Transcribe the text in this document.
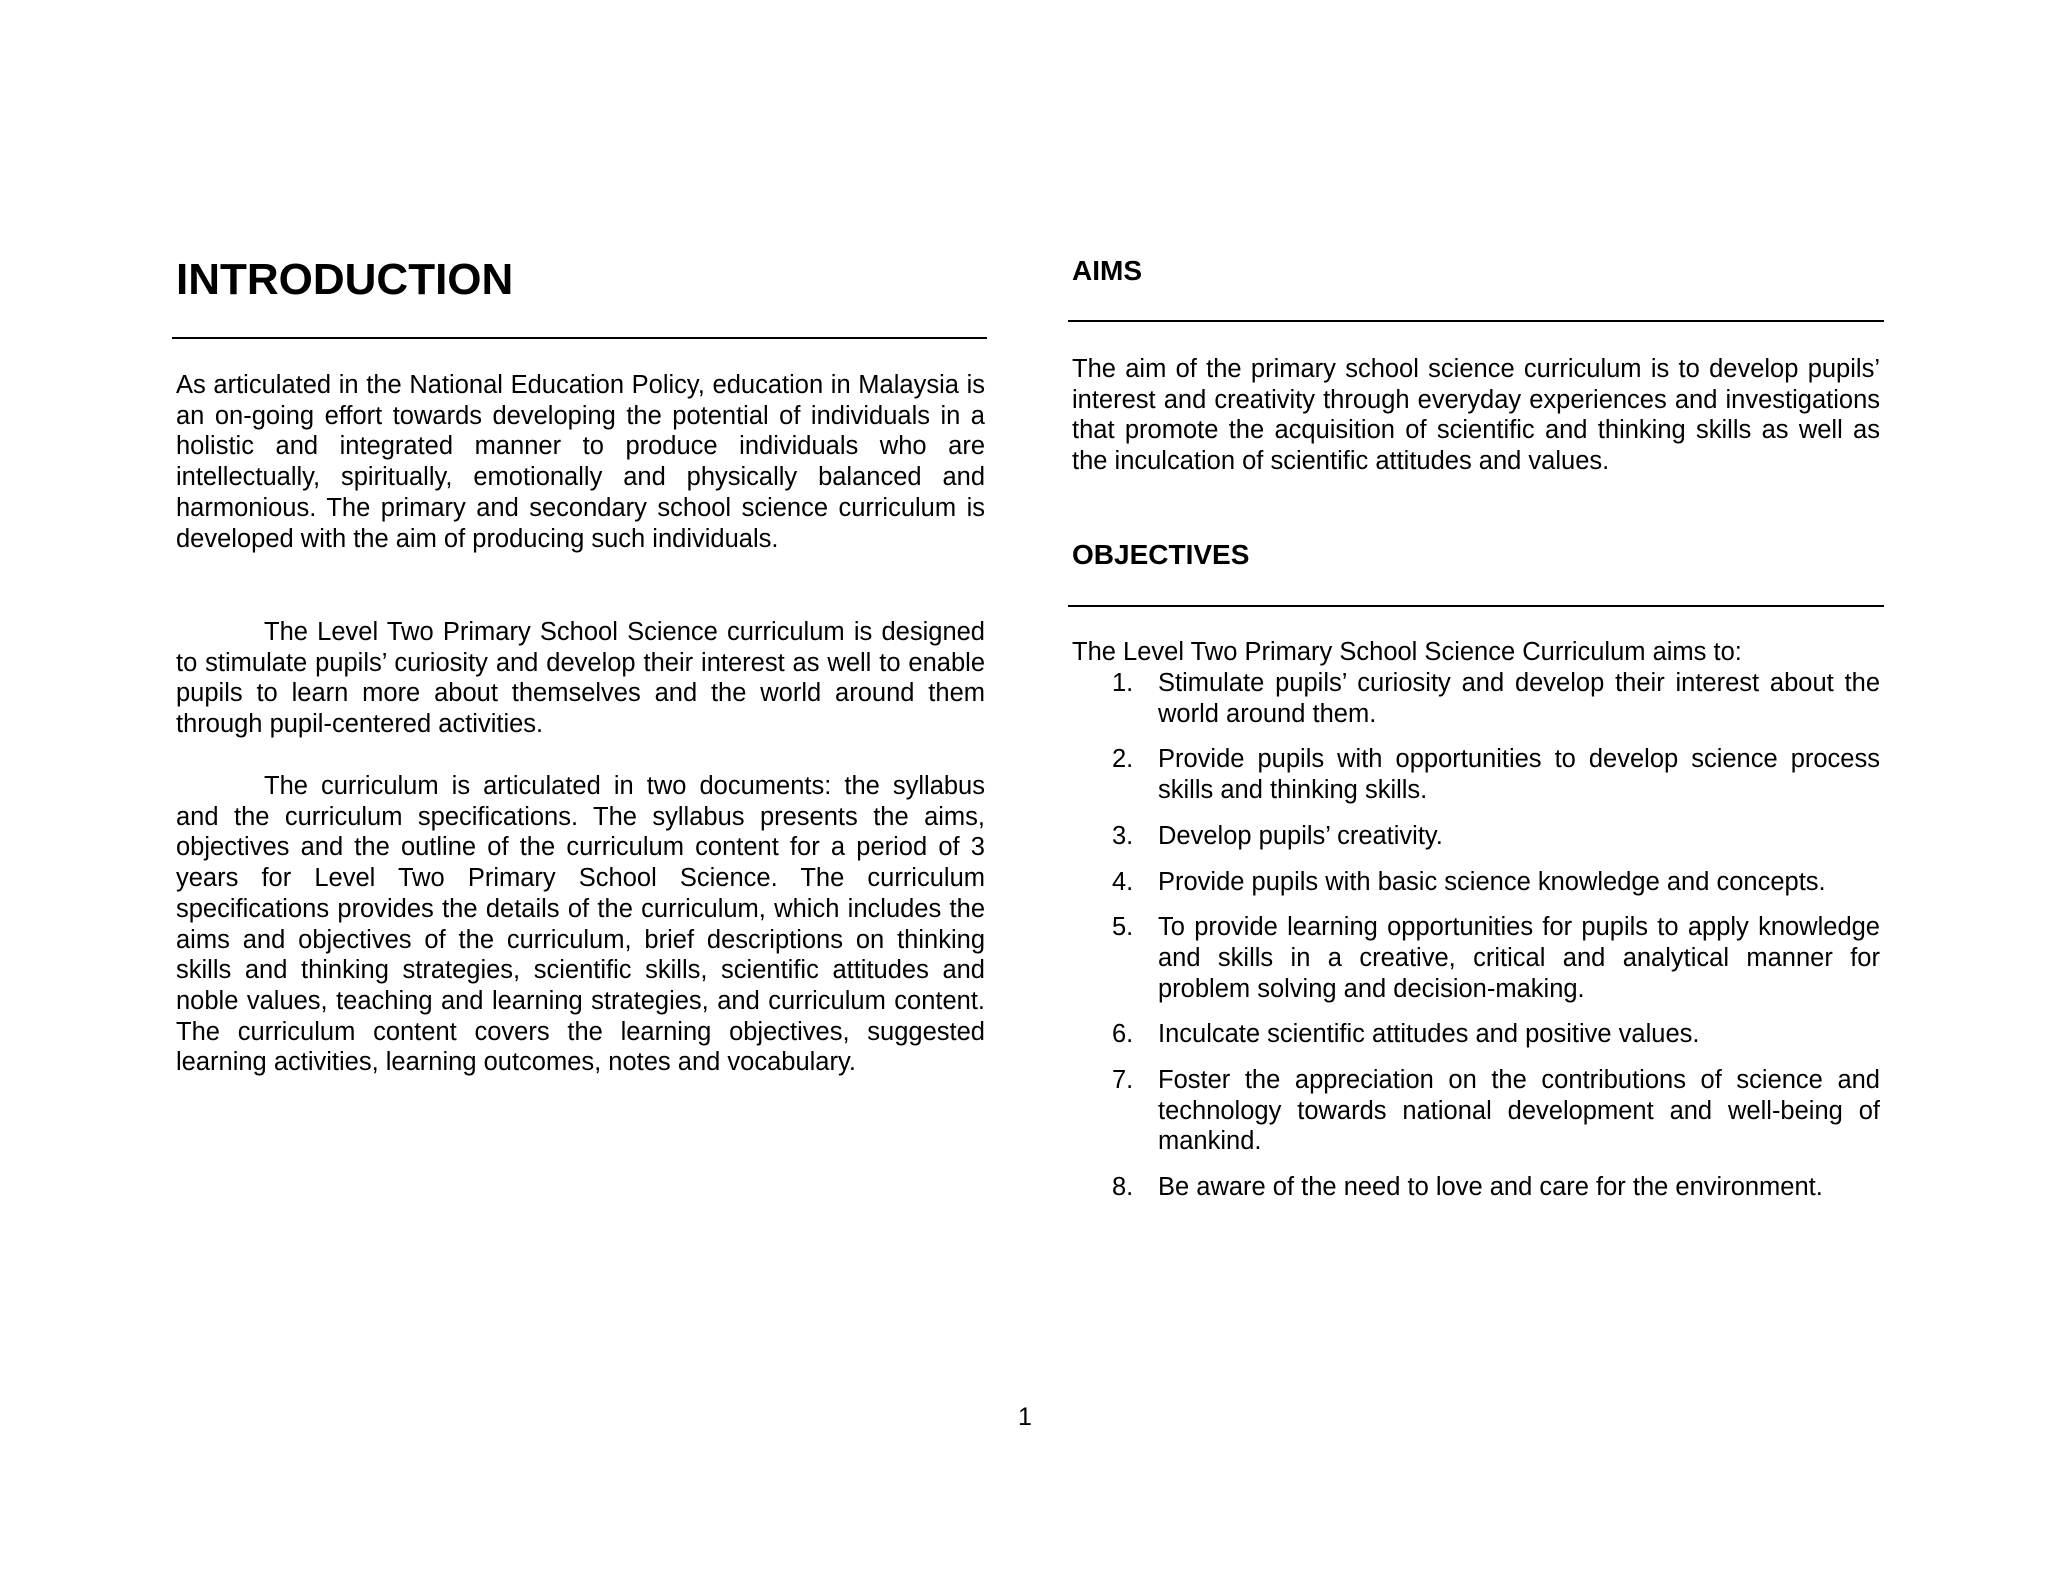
INTRODUCTION

As articulated in the National Education Policy, education in Malaysia is an on-going effort towards developing the potential of individuals in a holistic and integrated manner to produce individuals who are intellectually, spiritually, emotionally and physically balanced and harmonious. The primary and secondary school science curriculum is developed with the aim of producing such individuals.

The Level Two Primary School Science curriculum is designed to stimulate pupils’ curiosity and develop their interest as well to enable pupils to learn more about themselves and the world around them through pupil-centered activities.

The curriculum is articulated in two documents: the syllabus and the curriculum specifications. The syllabus presents the aims, objectives and the outline of the curriculum content for a period of 3 years for Level Two Primary School Science. The curriculum specifications provides the details of the curriculum, which includes the aims and objectives of the curriculum, brief descriptions on thinking skills and thinking strategies, scientific skills, scientific attitudes and noble values, teaching and learning strategies, and curriculum content. The curriculum content covers the learning objectives, suggested learning activities, learning outcomes, notes and vocabulary.

AIMS

The aim of the primary school science curriculum is to develop pupils’ interest and creativity through everyday experiences and investigations that promote the acquisition of scientific and thinking skills as well as the inculcation of scientific attitudes and values.

OBJECTIVES

The Level Two Primary School Science Curriculum aims to:

1. Stimulate pupils’ curiosity and develop their interest about the world around them.
2. Provide pupils with opportunities to develop science process skills and thinking skills.
3. Develop pupils’ creativity.
4. Provide pupils with basic science knowledge and concepts.
5. To provide learning opportunities for pupils to apply knowledge and skills in a creative, critical and analytical manner for problem solving and decision-making.
6. Inculcate scientific attitudes and positive values.
7. Foster the appreciation on the contributions of science and technology towards national development and well-being of mankind.
8. Be aware of the need to love and care for the environment.
1
